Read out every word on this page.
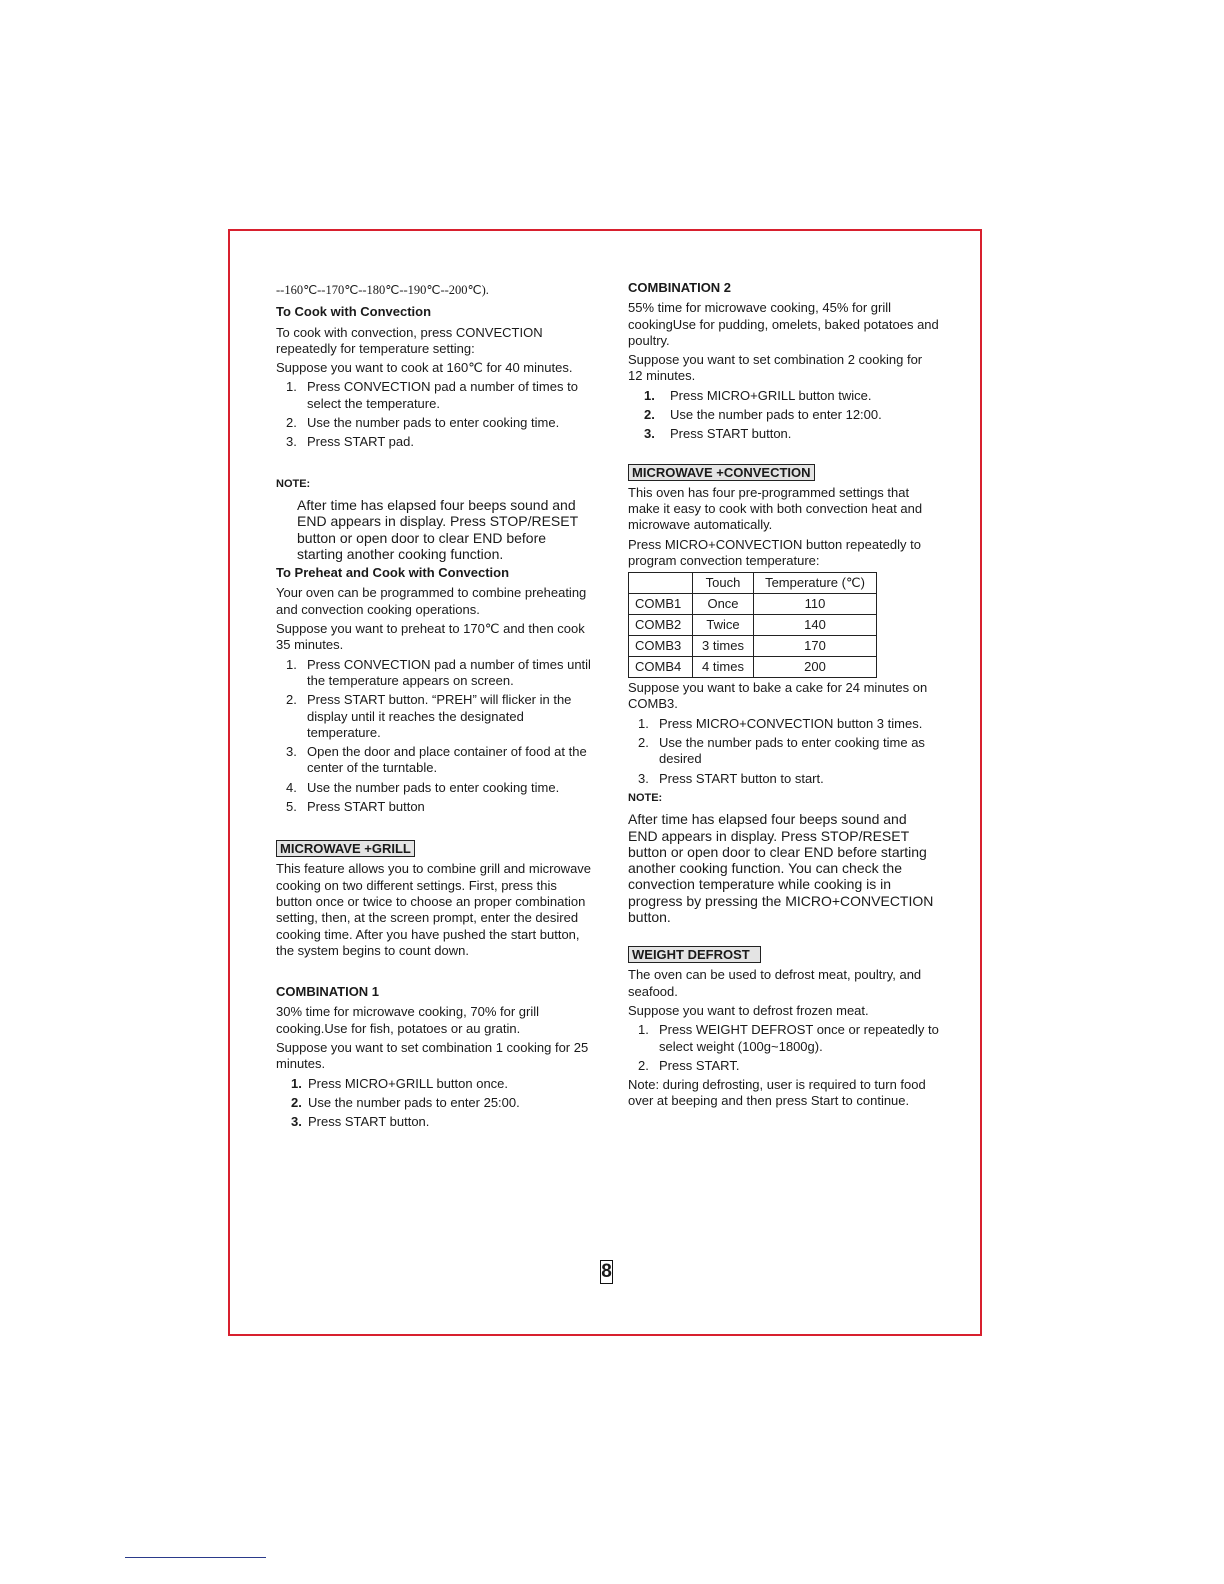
--160℃--170℃--180℃--190℃--200℃).

To Cook with Convection

To cook with convection, press CONVECTION repeatedly for temperature setting:

Suppose you want to cook at 160℃ for 40 minutes.

1. Press CONVECTION pad a number of times to select the temperature.
2. Use the number pads to enter cooking time.
3. Press START pad.

NOTE:

After time has elapsed four beeps sound and END appears in display. Press STOP/RESET button or open door to clear END before starting another cooking function.

To Preheat and Cook with Convection

Your oven can be programmed to combine preheating and convection cooking operations.

Suppose you want to preheat to 170℃ and then cook 35 minutes.

1. Press CONVECTION pad a number of times until the temperature appears on screen.
2. Press START button. “PREH” will flicker in the display until it reaches the designated temperature.
3. Open the door and place container of food at the center of the turntable.
4. Use the number pads to enter cooking time.
5. Press START button
MICROWAVE +GRILL

This feature allows you to combine grill and microwave cooking on two different settings. First, press this button once or twice to choose an proper combination setting, then, at the screen prompt, enter the desired cooking time. After you have pushed the start button, the system begins to count down.

COMBINATION 1

30% time for microwave cooking, 70% for grill cooking.Use for fish, potatoes or au gratin.

Suppose you want to set combination 1 cooking for 25 minutes.

1. Press MICRO+GRILL button once.
2. Use the number pads to enter 25:00.
3. Press START button.

COMBINATION 2

55% time for microwave cooking, 45% for grill cookingUse for pudding, omelets, baked potatoes and poultry.

Suppose you want to set combination 2 cooking for 12 minutes.

1. Press MICRO+GRILL button twice.
2. Use the number pads to enter 12:00.
3. Press START button.
MICROWAVE +CONVECTION

This oven has four pre-programmed settings that make it easy to cook with both convection heat and microwave automatically.

Press MICRO+CONVECTION button repeatedly to program convection temperature:

	Touch	Temperature (℃)
COMB1	Once	110
COMB2	Twice	140
COMB3	3 times	170
COMB4	4 times	200

Suppose you want to bake a cake for 24 minutes on COMB3.

1. Press MICRO+CONVECTION button 3 times.
2. Use the number pads to enter cooking time as desired
3. Press START button to start.

NOTE:

After time has elapsed four beeps sound and END appears in display. Press STOP/RESET button or open door to clear END before starting another cooking function. You can check the convection temperature while cooking is in progress by pressing the MICRO+CONVECTION button.

WEIGHT DEFROST

The oven can be used to defrost meat, poultry, and seafood.

Suppose you want to defrost frozen meat.

1. Press WEIGHT DEFROST once or repeatedly to select weight (100g~1800g).
2. Press START.

Note: during defrosting, user is required to turn food over at beeping and then press Start to continue.

8
